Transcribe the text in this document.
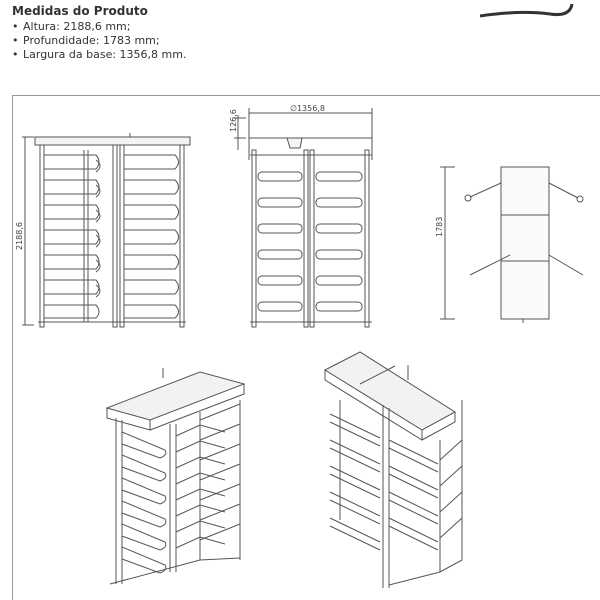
Medidas do Produto
• Altura: 2188,6 mm;
• Profundidade: 1783 mm;
• Largura da base: 1356,8 mm.
2188,6
126,6
∅1356,8
1783
